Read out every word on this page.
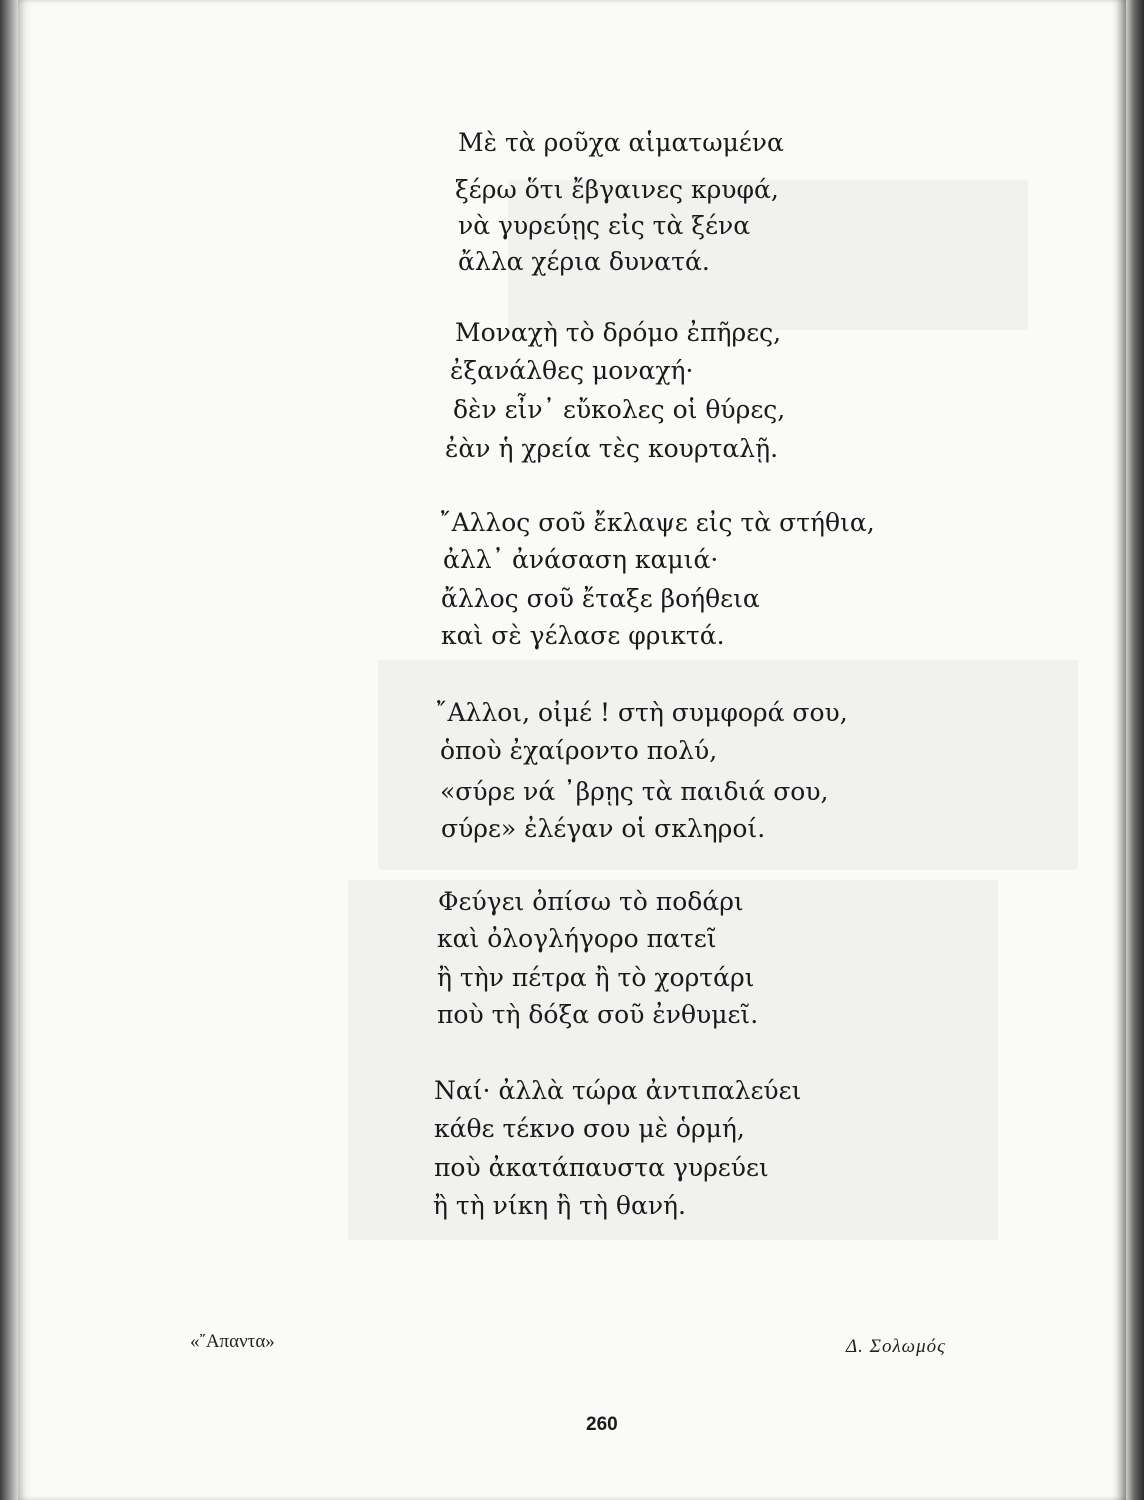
Μὲ τὰ ροῦχα αἱματωμένα
ξέρω ὅτι ἔβγαινες κρυφά,
νὰ γυρεύῃς εἰς τὰ ξένα
ἄλλα χέρια δυνατά.
Μοναχὴ τὸ δρόμο ἐπῆρες,
ἐξανάλθες μοναχή·
δὲν εἶν᾿ εὔκολες οἱ θύρες,
ἐὰν ἡ χρεία τὲς κουρταλῇ.
῎Αλλος σοῦ ἔκλαψε εἰς τὰ στήθια,
ἀλλ᾿ ἀνάσαση καμιά·
ἄλλος σοῦ ἔταξε βοήθεια
καὶ σὲ γέλασε φρικτά.
῎Αλλοι, οἰμέ ! στὴ συμφορά σου,
ὁποὺ ἐχαίροντο πολύ,
«σύρε νά ᾿βρῃς τὰ παιδιά σου,
σύρε» ἐλέγαν οἱ σκληροί.
Φεύγει ὀπίσω τὸ ποδάρι
καὶ ὀλογλήγορο πατεῖ
ἢ τὴν πέτρα ἢ τὸ χορτάρι
ποὺ τὴ δόξα σοῦ ἐνθυμεῖ.
Ναί· ἀλλὰ τώρα ἀντιπαλεύει
κάθε τέκνο σου μὲ ὁρμή,
ποὺ ἀκατάπαυστα γυρεύει
ἢ τὴ νίκη ἢ τὴ θανή.
«῎Απαντα»	Δ. Σολωμός
260
